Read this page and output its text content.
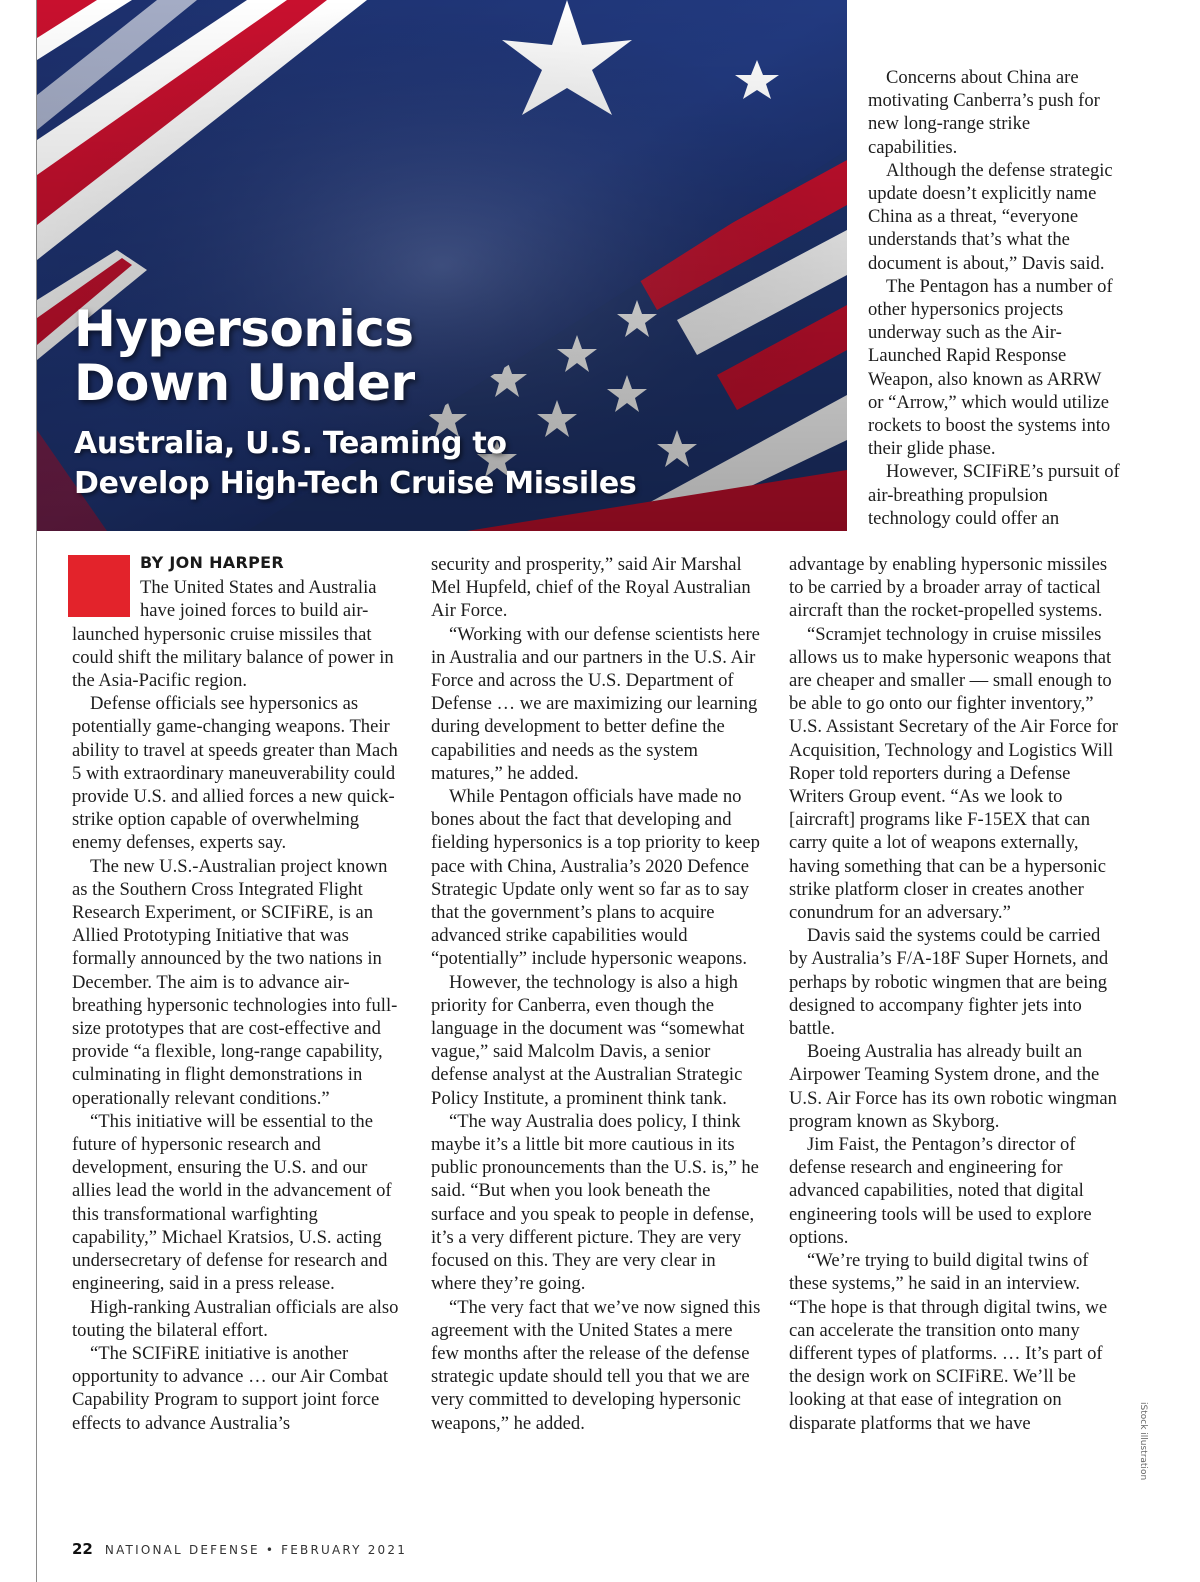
Hypersonics
Down Under
Australia, U.S. Teaming to
Develop High-Tech Cruise Missiles

Concerns about China are motivating Canberra’s push for new long-range strike capabilities.

Although the defense strategic update doesn’t explicitly name China as a threat, “everyone understands that’s what the document is about,” Davis said.

The Pentagon has a number of other hypersonics projects underway such as the Air-Launched Rapid Response Weapon, also known as ARRW or “Arrow,” which would utilize rockets to boost the systems into their glide phase.

However, SCIFiRE’s pursuit of air-breathing propulsion technology could offer an

BY JON HARPER

The United States and Australia have joined forces to build air-launched hypersonic cruise missiles that could shift the military balance of power in the Asia-Pacific region.

Defense officials see hypersonics as potentially game-changing weapons. Their ability to travel at speeds greater than Mach 5 with extraordinary maneuverability could provide U.S. and allied forces a new quick-strike option capable of overwhelming enemy defenses, experts say.

The new U.S.-Australian project known as the Southern Cross Integrated Flight Research Experiment, or SCIFiRE, is an Allied Prototyping Initiative that was formally announced by the two nations in December. The aim is to advance air-breathing hypersonic technologies into full-size prototypes that are cost-effective and provide “a flexible, long-range capability, culminating in flight demonstrations in operationally relevant conditions.”

“This initiative will be essential to the future of hypersonic research and development, ensuring the U.S. and our allies lead the world in the advancement of this transformational warfighting capability,” Michael Kratsios, U.S. acting undersecretary of defense for research and engineering, said in a press release.

High-ranking Australian officials are also touting the bilateral effort.

“The SCIFiRE initiative is another opportunity to advance … our Air Combat Capability Program to support joint force effects to advance Australia’s

security and prosperity,” said Air Marshal Mel Hupfeld, chief of the Royal Australian Air Force.

“Working with our defense scientists here in Australia and our partners in the U.S. Air Force and across the U.S. Department of Defense … we are maximizing our learning during development to better define the capabilities and needs as the system matures,” he added.

While Pentagon officials have made no bones about the fact that developing and fielding hypersonics is a top priority to keep pace with China, Australia’s 2020 Defence Strategic Update only went so far as to say that the government’s plans to acquire advanced strike capabilities would “potentially” include hypersonic weapons.

However, the technology is also a high priority for Canberra, even though the language in the document was “somewhat vague,” said Malcolm Davis, a senior defense analyst at the Australian Strategic Policy Institute, a prominent think tank.

“The way Australia does policy, I think maybe it’s a little bit more cautious in its public pronouncements than the U.S. is,” he said. “But when you look beneath the surface and you speak to people in defense, it’s a very different picture. They are very focused on this. They are very clear in where they’re going.

“The very fact that we’ve now signed this agreement with the United States a mere few months after the release of the defense strategic update should tell you that we are very committed to developing hypersonic weapons,” he added.

advantage by enabling hypersonic missiles to be carried by a broader array of tactical aircraft than the rocket-propelled systems.

“Scramjet technology in cruise missiles allows us to make hypersonic weapons that are cheaper and smaller — small enough to be able to go onto our fighter inventory,” U.S. Assistant Secretary of the Air Force for Acquisition, Technology and Logistics Will Roper told reporters during a Defense Writers Group event. “As we look to [aircraft] programs like F-15EX that can carry quite a lot of weapons externally, having something that can be a hypersonic strike platform closer in creates another conundrum for an adversary.”

Davis said the systems could be carried by Australia’s F/A-18F Super Hornets, and perhaps by robotic wingmen that are being designed to accompany fighter jets into battle.

Boeing Australia has already built an Airpower Teaming System drone, and the U.S. Air Force has its own robotic wingman program known as Skyborg.

Jim Faist, the Pentagon’s director of defense research and engineering for advanced capabilities, noted that digital engineering tools will be used to explore options.

“We’re trying to build digital twins of these systems,” he said in an interview. “The hope is that through digital twins, we can accelerate the transition onto many different types of platforms. … It’s part of the design work on SCIFiRE. We’ll be looking at that ease of integration on disparate platforms that we have	iStock illustration
22 NATIONAL DEFENSE • FEBRUARY 2021
